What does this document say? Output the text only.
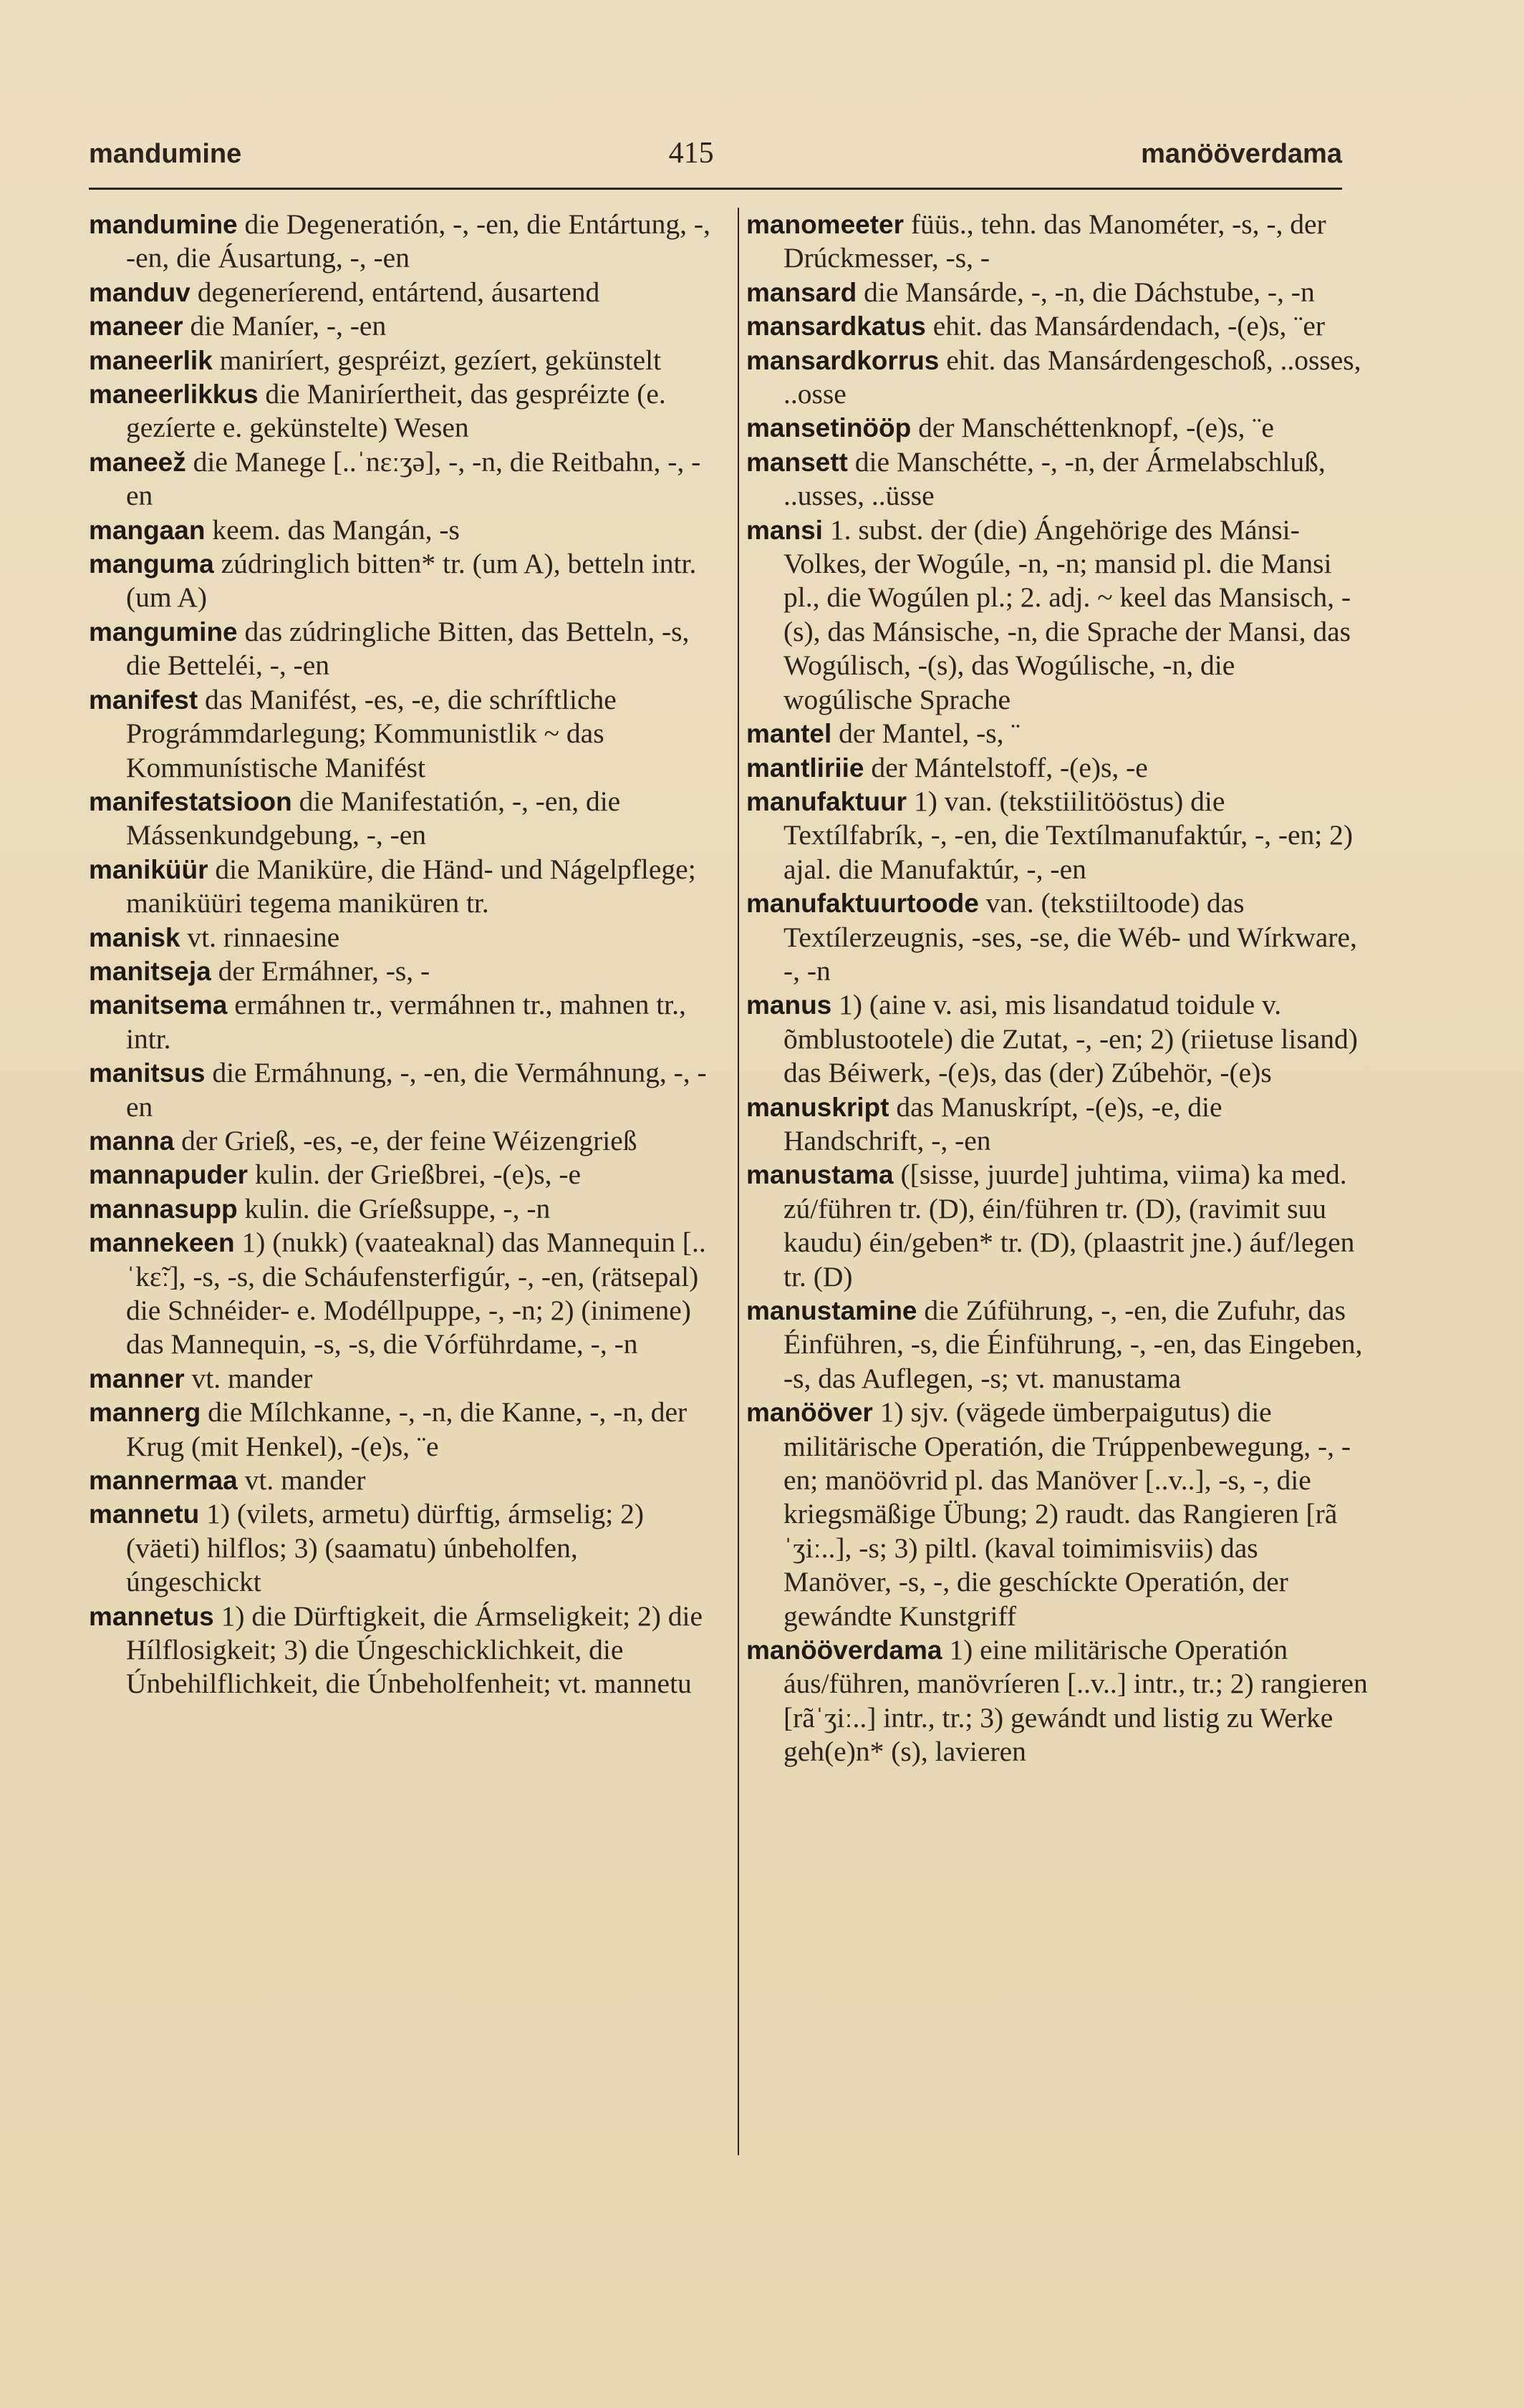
mandumine	415	manööverdama

mandumine die Degeneratión, -, -en, die Entártung, -, -en, die Áusartung, -, -en

manduv degeneríerend, entártend, áusartend

maneer die Maníer, -, -en

maneerlik maniríert, gespréizt, gezíert, gekünstelt

maneerlikkus die Maniríertheit, das gespréizte (e. gezíerte e. gekünstelte) Wesen

maneež die Manege [..ˈnɛːʒə], -, -n, die Reitbahn, -, -en

mangaan keem. das Mangán, -s

manguma zúdringlich bitten* tr. (um A), betteln intr. (um A)

mangumine das zúdringliche Bitten, das Betteln, -s, die Betteléi, -, -en

manifest das Manifést, -es, -e, die schríftliche Prográmmdarlegung; Kommunistlik ~ das Kommunístische Manifést

manifestatsioon die Manifestatión, -, -en, die Mássenkundgebung, -, -en

maniküür die Maniküre, die Händ- und Nágelpflege; maniküüri tegema maniküren tr.

manisk vt. rinnaesine

manitseja der Ermáhner, -s, -

manitsema ermáhnen tr., vermáhnen tr., mahnen tr., intr.

manitsus die Ermáhnung, -, -en, die Vermáhnung, -, -en

manna der Grieß, -es, -e, der feine Wéizengrieß

mannapuder kulin. der Grießbrei, -(e)s, -e

mannasupp kulin. die Gríeßsuppe, -, -n

mannekeen 1) (nukk) (vaateaknal) das Mannequin [..ˈkɛ̃ː], -s, -s, die Scháufensterfigúr, -, -en, (rätsepal) die Schnéider- e. Modéllpuppe, -, -n; 2) (inimene) das Mannequin, -s, -s, die Vórführdame, -, -n

manner vt. mander

mannerg die Mílchkanne, -, -n, die Kanne, -, -n, der Krug (mit Henkel), -(e)s, ¨e

mannermaa vt. mander

mannetu 1) (vilets, armetu) dürftig, ármselig; 2) (väeti) hilflos; 3) (saamatu) únbeholfen, úngeschickt

mannetus 1) die Dürftigkeit, die Ármseligkeit; 2) die Hílflosigkeit; 3) die Úngeschicklichkeit, die Únbehilflichkeit, die Únbeholfenheit; vt. mannetu

manomeeter füüs., tehn. das Manométer, -s, -, der Drúckmesser, -s, -

mansard die Mansárde, -, -n, die Dáchstube, -, -n

mansardkatus ehit. das Mansárdendach, -(e)s, ¨er

mansardkorrus ehit. das Mansárdengeschoß, ..osses, ..osse

mansetinööp der Manschéttenknopf, -(e)s, ¨e

mansett die Manschétte, -, -n, der Ármelabschluß, ..usses, ..üsse

mansi 1. subst. der (die) Ángehörige des Mánsi-Volkes, der Wogúle, -n, -n; mansid pl. die Mansi pl., die Wogúlen pl.; 2. adj. ~ keel das Mansisch, -(s), das Mánsische, -n, die Sprache der Mansi, das Wogúlisch, -(s), das Wogúlische, -n, die wogúlische Sprache

mantel der Mantel, -s, ¨

mantliriie der Mántelstoff, -(e)s, -e

manufaktuur 1) van. (tekstiilitööstus) die Textílfabrík, -, -en, die Textílmanufaktúr, -, -en; 2) ajal. die Manufaktúr, -, -en

manufaktuurtoode van. (tekstiiltoode) das Textílerzeugnis, -ses, -se, die Wéb- und Wírkware, -, -n

manus 1) (aine v. asi, mis lisandatud toidule v. õmblustootele) die Zutat, -, -en; 2) (riietuse lisand) das Béiwerk, -(e)s, das (der) Zúbehör, -(e)s

manuskript das Manuskrípt, -(e)s, -e, die Handschrift, -, -en

manustama ([sisse, juurde] juhtima, viima) ka med. zú/führen tr. (D), éin/führen tr. (D), (ravimit suu kaudu) éin/geben* tr. (D), (plaastrit jne.) áuf/legen tr. (D)

manustamine die Zúführung, -, -en, die Zufuhr, das Éinführen, -s, die Éinführung, -, -en, das Eingeben, -s, das Auflegen, -s; vt. manustama

manööver 1) sjv. (vägede ümberpaigutus) die militärische Operatión, die Trúppenbewegung, -, -en; manöövrid pl. das Manöver [..v..], -s, -, die kriegsmäßige Übung; 2) raudt. das Rangieren [rãˈʒiː..], -s; 3) piltl. (kaval toimimisviis) das Manöver, -s, -, die geschíckte Operatión, der gewándte Kunstgriff

manööverdama 1) eine militärische Operatión áus/führen, manövríeren [..v..] intr., tr.; 2) rangieren [rãˈʒiː..] intr., tr.; 3) gewándt und listig zu Werke geh(e)n* (s), lavieren
